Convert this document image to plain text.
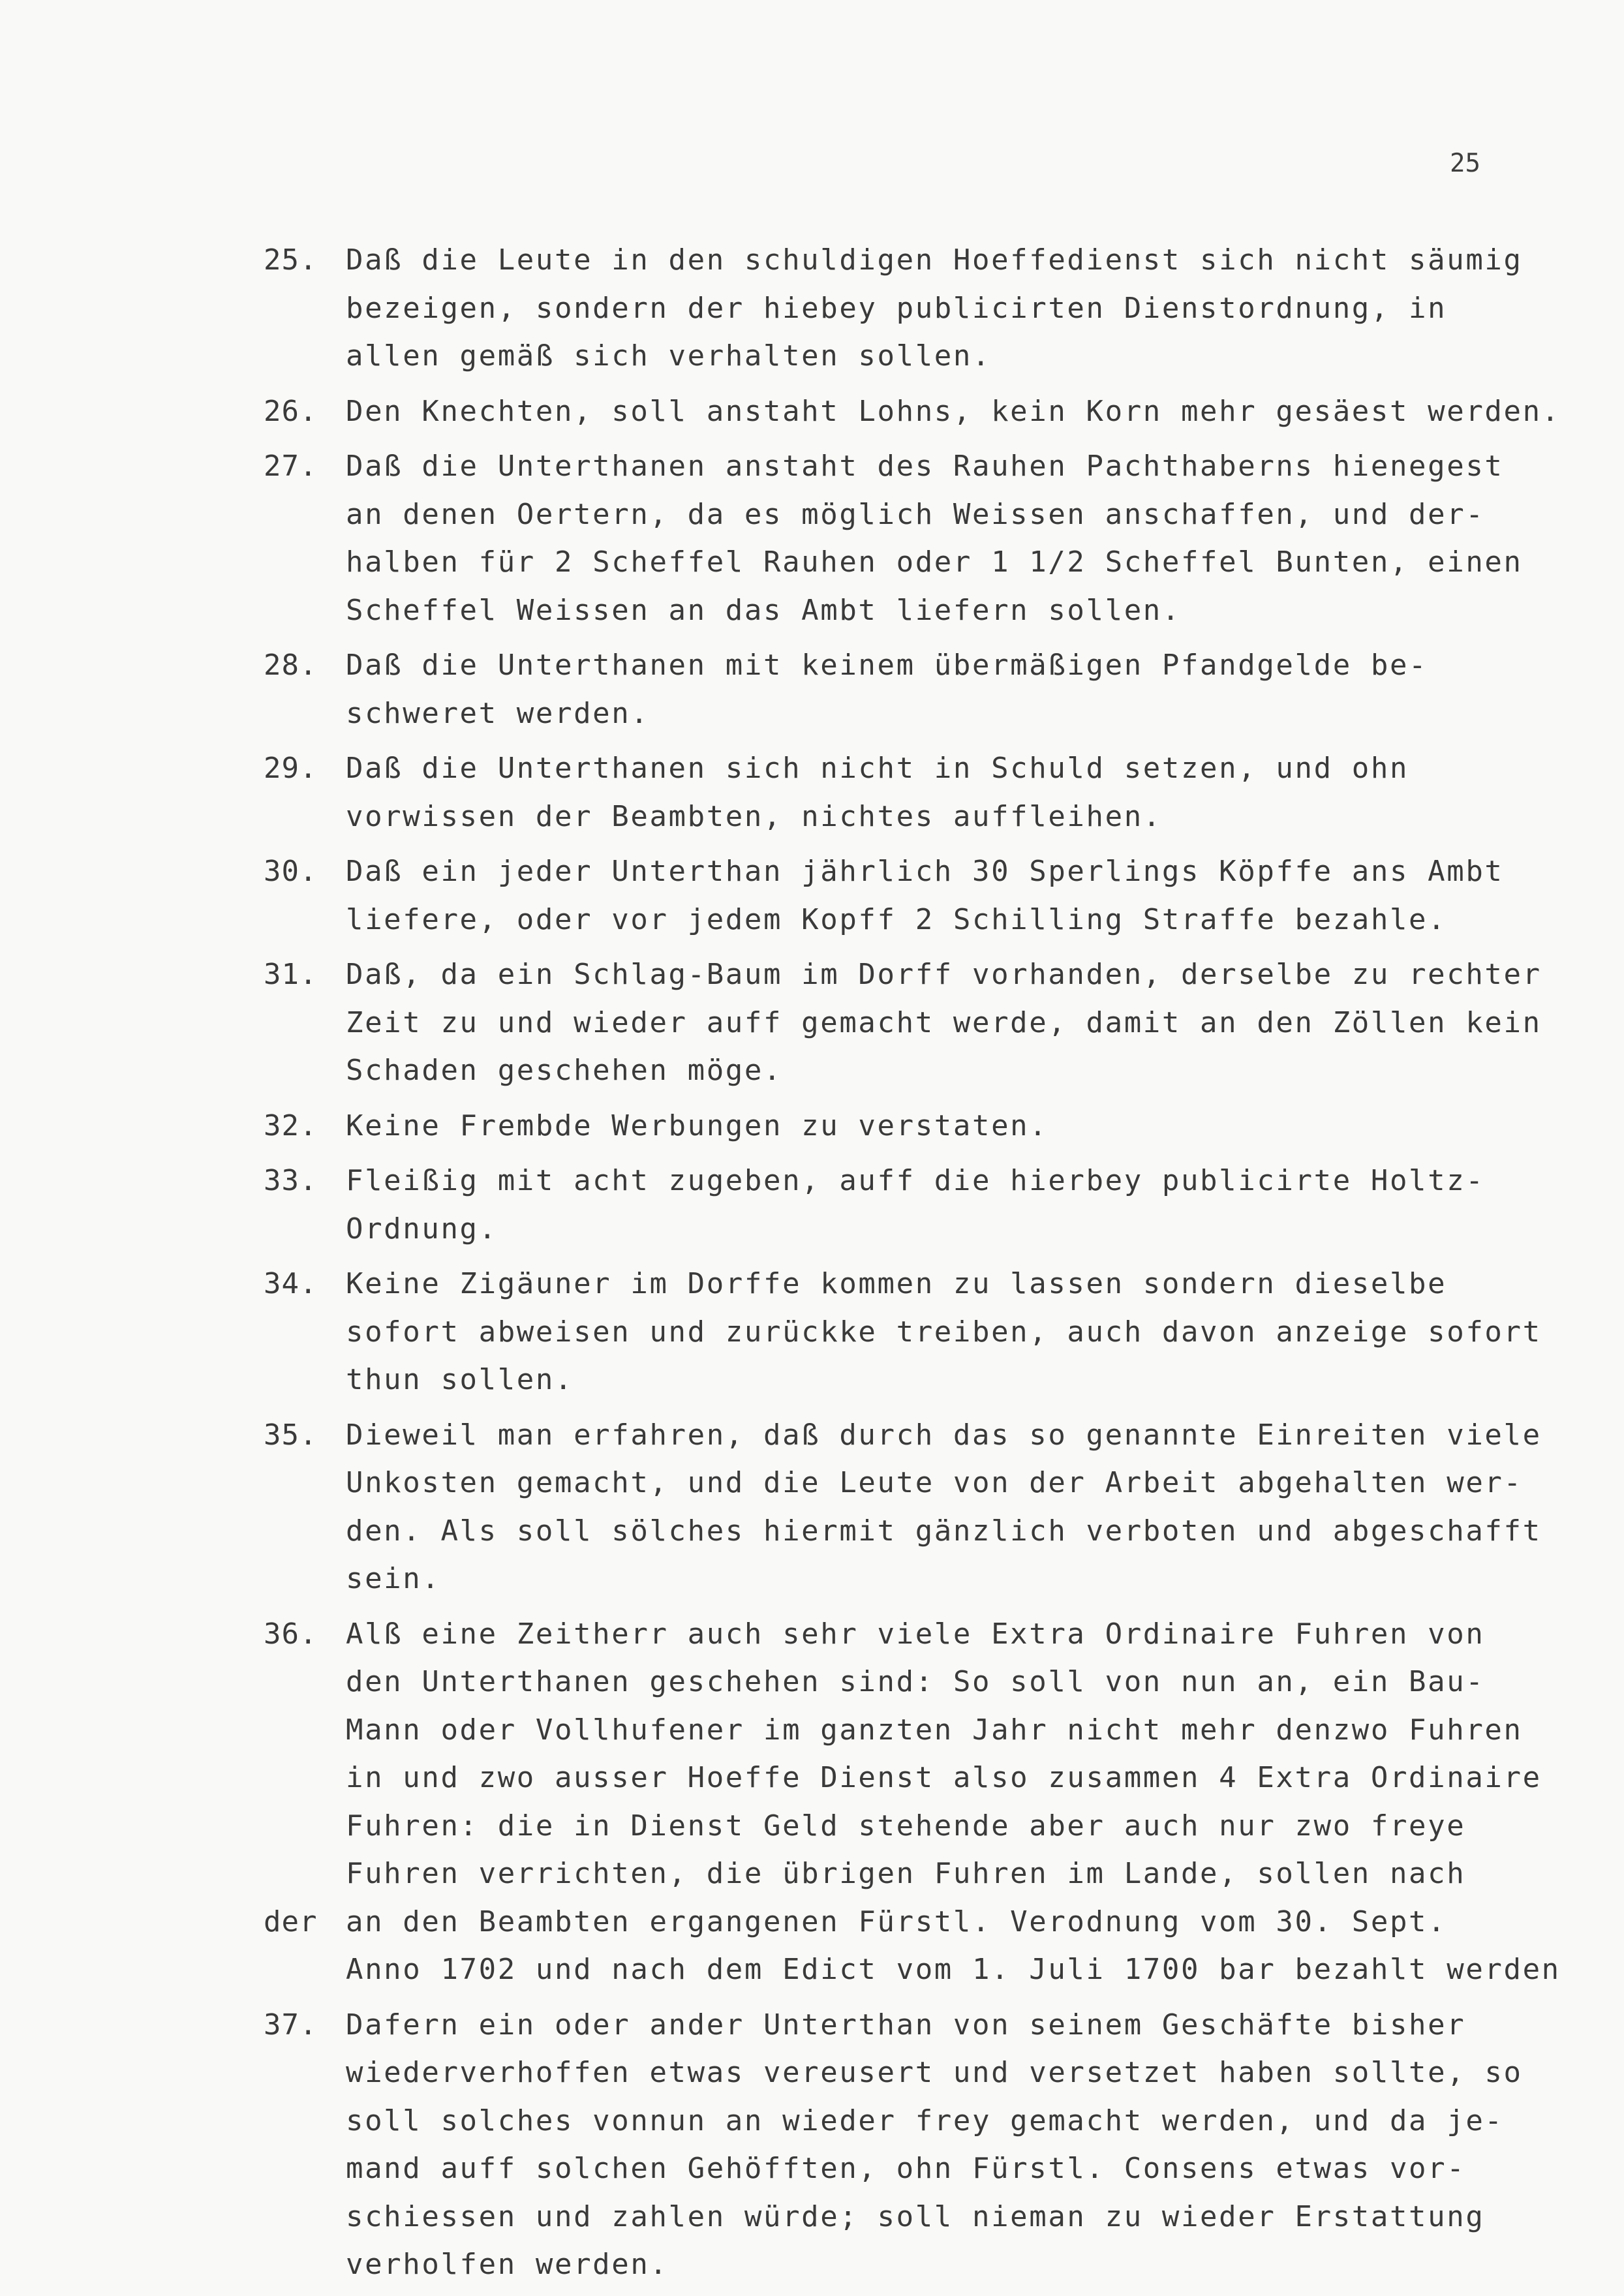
25
25. Daß die Leute in den schuldigen Hoeffedienst sich nicht säumig
bezeigen, sondern der hiebey publicirten Dienstordnung, in
allen gemäß sich verhalten sollen.
26. Den Knechten, soll anstaht Lohns, kein Korn mehr gesäest werden.
27. Daß die Unterthanen anstaht des Rauhen Pachthaberns hienegest
an denen Oertern, da es möglich Weissen anschaffen, und der-
halben für 2 Scheffel Rauhen oder 1 1/2 Scheffel Bunten, einen
Scheffel Weissen an das Ambt liefern sollen.
28. Daß die Unterthanen mit keinem übermäßigen Pfandgelde be-
schweret werden.
29. Daß die Unterthanen sich nicht in Schuld setzen, und ohn
vorwissen der Beambten, nichtes auffleihen.
30. Daß ein jeder Unterthan jährlich 30 Sperlings Köpffe ans Ambt
liefere, oder vor jedem Kopff 2 Schilling Straffe bezahle.
31. Daß, da ein Schlag-Baum im Dorff vorhanden, derselbe zu rechter
Zeit zu und wieder auff gemacht werde, damit an den Zöllen kein
Schaden geschehen möge.
32. Keine Frembde Werbungen zu verstaten.
33. Fleißig mit acht zugeben, auff die hierbey publicirte Holtz-
Ordnung.
34. Keine Zigäuner im Dorffe kommen zu lassen sondern dieselbe
sofort abweisen und zurückke treiben, auch davon anzeige sofort
thun sollen.
35. Dieweil man erfahren, daß durch das so genannte Einreiten viele
Unkosten gemacht, und die Leute von der Arbeit abgehalten wer-
den. Als soll sölches hiermit gänzlich verboten und abgeschafft
sein.
36. Alß eine Zeitherr auch sehr viele Extra Ordinaire Fuhren von
den Unterthanen geschehen sind: So soll von nun an, ein Bau-
Mann oder Vollhufener im ganzten Jahr nicht mehr denzwo Fuhren
in und zwo ausser Hoeffe Dienst also zusammen 4 Extra Ordinaire
Fuhren: die in Dienst Geld stehende aber auch nur zwo freye
Fuhren verrichten, die übrigen Fuhren im Lande, sollen nach
der an den Beambten ergangenen Fürstl. Verodnung vom 30. Sept.
Anno 1702 und nach dem Edict vom 1. Juli 1700 bar bezahlt werden
37. Dafern ein oder ander Unterthan von seinem Geschäfte bisher
wiederverhoffen etwas vereusert und versetzet haben sollte, so
soll solches vonnun an wieder frey gemacht werden, und da je-
mand auff solchen Gehöfften, ohn Fürstl. Consens etwas vor-
schiessen und zahlen würde; soll nieman zu wieder Erstattung
verholfen werden.
